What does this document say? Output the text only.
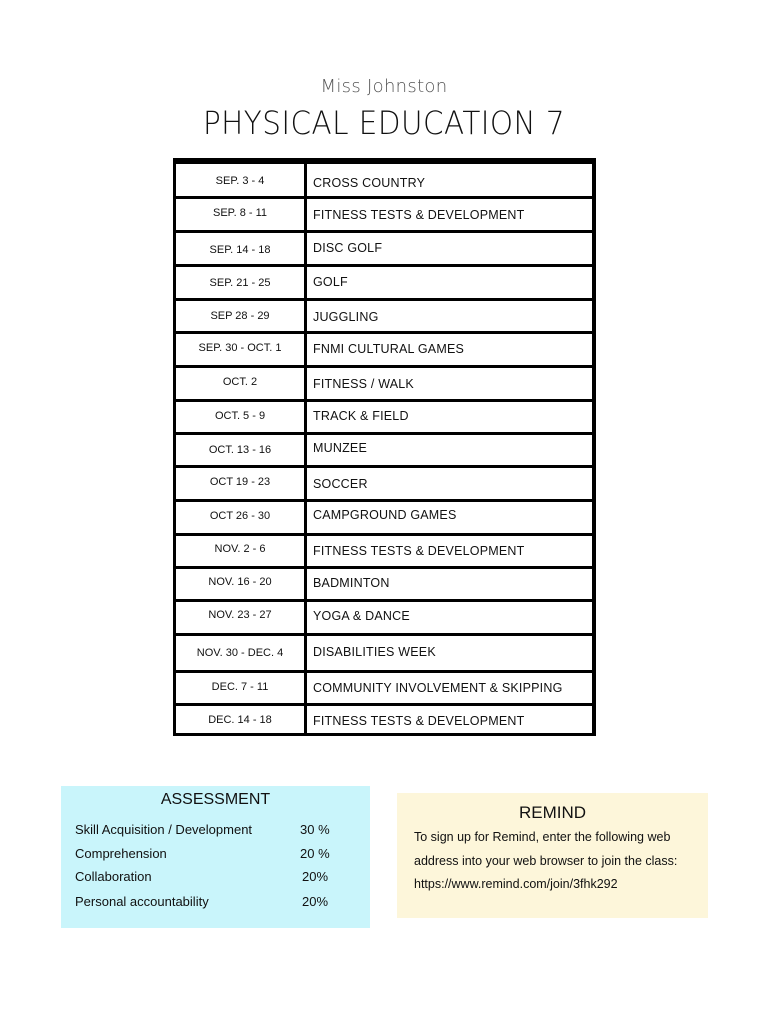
Miss Johnston
PHYSICAL EDUCATION 7
SEP. 3 - 4	CROSS COUNTRY
SEP. 8 - 11	FITNESS TESTS & DEVELOPMENT
SEP. 14 - 18	DISC GOLF
SEP. 21 - 25	GOLF
SEP 28 - 29	JUGGLING
SEP. 30 - OCT. 1	FNMI CULTURAL GAMES
OCT. 2	FITNESS / WALK
OCT. 5 - 9	TRACK & FIELD
OCT. 13 - 16	MUNZEE
OCT 19 - 23	SOCCER
OCT 26 - 30	CAMPGROUND GAMES
NOV. 2 - 6	FITNESS TESTS & DEVELOPMENT
NOV. 16 - 20	BADMINTON
NOV. 23 - 27	YOGA & DANCE
NOV. 30 - DEC. 4	DISABILITIES WEEK
DEC. 7 - 11	COMMUNITY INVOLVEMENT & SKIPPING
DEC. 14 - 18	FITNESS TESTS & DEVELOPMENT
ASSESSMENT
Skill Acquisition / Development	30 %
Comprehension	20 %
Collaboration	20%
Personal accountability	20%
REMIND

To sign up for Remind, enter the following web address into your web browser to join the class: https://www.remind.com/join/3fhk292
